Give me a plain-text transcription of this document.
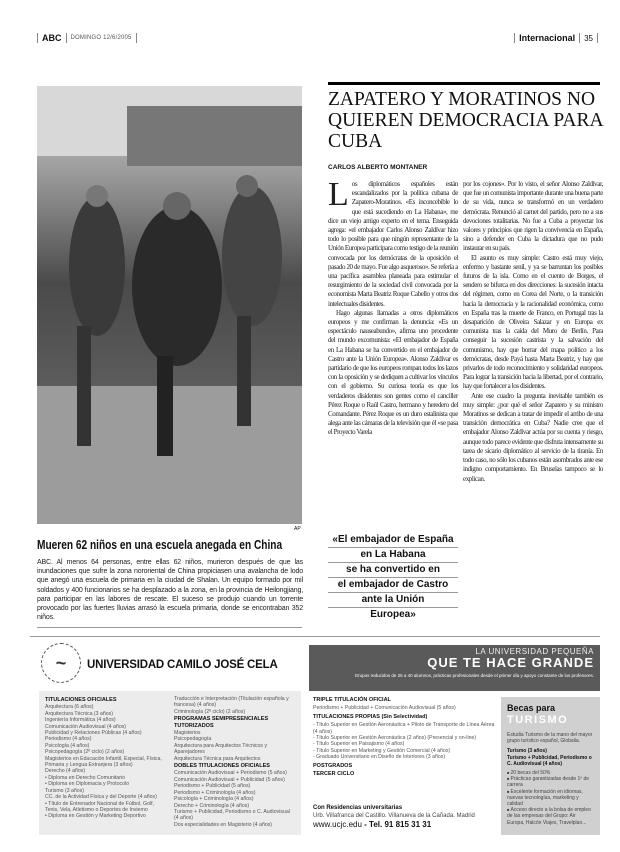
ABC DOMINGO 12/6/2005	Internacional 35
AP
Mueren 62 niños en una escuela anegada en China
ABC. Al menos 64 personas, entre ellas 62 niños, murieron después de que las inundaciones que sufre la zona nororiental de China propiciasen una avalancha de lodo que anegó una escuela de primaria en la ciudad de Shalan. Un equipo formado por mil soldados y 400 funcionarios se ha desplazado a la zona, en la provincia de Heilongjiang, para participar en las labores de rescate. El suceso se produjo cuando un torrente provocado por las fuertes lluvias arrasó la escuela primaria, donde se encontraban 352 niños.
ZAPATERO Y MORATINOS NO QUIEREN DEMOCRACIA PARA CUBA
CARLOS ALBERTO MONTANER

Los diplomáticos españoles están escandalizados por la política cubana de Zapatero-Moratinos. «Es inconcebible lo que está sucediendo en La Habana», me dice un viejo amigo experto en el tema. Enseguida agrega: «el embajador Carlos Alonso Zaldívar hizo todo lo posible para que ningún representante de la Unión Europea participara como testigo de la reunión convocada por los demócratas de la oposición el pasado 20 de mayo. Fue algo asqueroso». Se refería a una pacífica asamblea planeada para estimular el resurgimiento de la sociedad civil convocada por la economista Marta Beatriz Roque Cabello y otros dos intelectuales disidentes.

Hago algunas llamadas a otros diplomáticos europeos y me confirman la denuncia: «Es un espectáculo nauseabundo», afirma uno procedente del mundo excomunista: «El embajador de España en La Habana se ha convertido en el embajador de Castro ante la Unión Europea». Alonso Zaldívar es partidario de que los europeos rompan todos los lazos con la oposición y se dediquen a cultivar los vínculos con el gobierno. Su curiosa teoría es que los verdaderos disidentes son gentes como el canciller Pérez Roque o Raúl Castro, hermano y heredero del Comandante. Pérez Roque es un duro estalinista que alega ante las cámaras de la televisión que él «se pasa el Proyecto Varela

«El embajador de España
en La Habana
se ha convertido en
el embajador de Castro
ante la Unión
Europea»

por los cojones». Por lo visto, el señor Alonso Zaldívar, que fue un comunista importante durante una buena parte de su vida, nunca se transformó en un verdadero demócrata. Renunció al carnet del partido, pero no a sus devociones totalitarias. No fue a Cuba a proyectar los valores y principios que rigen la convivencia en España, sino a defender en Cuba la dictadura que no pudo instaurar en su país.

El asunto es muy simple: Castro está muy viejo, enfermo y bastante senil, y ya se barruntan los posibles futuros de la isla. Como en el cuento de Borges, el sendero se bifurca en dos direcciones: la sucesión intacta del régimen, como en Corea del Norte, o la transición hacia la democracia y la racionalidad económica, como en España tras la muerte de Franco, en Portugal tras la desaparición de Oliveira Salazar y en Europa ex comunista tras la caída del Muro de Berlín. Para conseguir la sucesión castrista y la salvación del comunismo, hay que borrar del mapa político a los demócratas, desde Payá hasta Marta Beatriz, y hay que privarlos de todo reconocimiento y solidaridad europeos. Para lograr la transición hacia la libertad, por el contrario, hay que fortalecer a los disidentes.

Ante ese cuadro la pregunta inevitable también es muy simple: ¿por qué el señor Zapatero y su ministro Moratinos se dedican a tratar de impedir el arribo de una transición democrática en Cuba? Nadie cree que el embajador Alonso Zaldívar actúa por su cuenta y riesgo, aunque todo parece evidente que disfruta intensamente su tarea de sicario diplomático al servicio de la tiranía. En todo caso, no sólo los cubanos están asombrados ante ese indigno comportamiento. En Bruselas tampoco se lo explican.

~ UNIVERSIDAD CAMILO JOSÉ CELA
TITULACIONES OFICIALES
Arquitectura (6 años)
Arquitectura Técnica (3 años)
Ingeniería Informática (4 años)
Comunicación Audiovisual (4 años)
Publicidad y Relaciones Públicas (4 años)
Periodismo (4 años)
Psicología (4 años)
Psicopedagogía (2º ciclo) (2 años)
Magisterios en Educación Infantil, Especial, Física, Primaria y Lengua Extranjera (3 años)
Derecho (4 años)
• Diploma en Derecho Comunitario
• Diploma en Diplomacia y Protocolo
Turismo (3 años)
CC. de la Actividad Física y del Deporte (4 años)
• Título de Entrenador Nacional de Fútbol, Golf, Tenis, Vela, Atletismo o Deportes de Invierno
• Diploma en Gestión y Marketing Deportivo
Traducción e Interpretación (Titulación española y francesa) (4 años)
Criminología (2º ciclo) (2 años)
PROGRAMAS SEMIPRESENCIALES TUTORIZADOS
Magisterios
Psicopedagogía
Arquitectura para Arquitectos Técnicos y Aparejadores
Arquitectura Técnica para Arquitectos
DOBLES TITULACIONES OFICIALES
Comunicación Audiovisual + Periodismo (5 años)
Comunicación Audiovisual + Publicidad (5 años)
Periodismo + Publicidad (5 años)
Periodismo + Criminología (4 años)
Psicología + Criminología (4 años)
Derecho + Criminología (4 años)
Turismo + Publicidad, Periodismo o C. Audiovisual (4 años)
Dos especialidades en Magisterio (4 años)
LA UNIVERSIDAD PEQUEÑA
QUE TE HACE GRANDE
Grupos reducidos de 25 a 40 alumnos, prácticas profesionales desde el primer día y apoyo constante de los profesores.
TRIPLE TITULACIÓN OFICIAL
Periodismo + Publicidad + Comunicación Audiovisual (5 años)
TITULACIONES PROPIAS (Sin Selectividad)
- Título Superior en Gestión Aeronáutica + Piloto de Transporte de Línea Aérea (4 años)
- Título Superior en Gestión Aeronáutica (2 años) (Presencial y on-line)
- Título Superior en Paisajismo (4 años)
- Título Superior en Marketing y Gestión Comercial (4 años)
- Graduado Universitario en Diseño de Interiores (3 años)
POSTGRADOS
TERCER CICLO
Con Residencias universitarias
Urb. Villafranca del Castillo. Villanueva de la Cañada. Madrid
www.ucjc.edu - Tel. 91 815 31 31
Becas para
TURISMO
Estudia Turismo de la mano del mayor grupo turístico español, Globalia.
Turismo (3 años)
Turismo + Publicidad, Periodismo o C. Audiovisual (4 años)
■ 20 becas del 50%
■ Prácticas garantizadas desde 1º de carrera
■ Excelente formación en idiomas, nuevas tecnologías, marketing y calidad
■ Acceso directo a la bolsa de empleo de las empresas del Grupo: Air Europa, Halcón Viajes, Travelplan...
